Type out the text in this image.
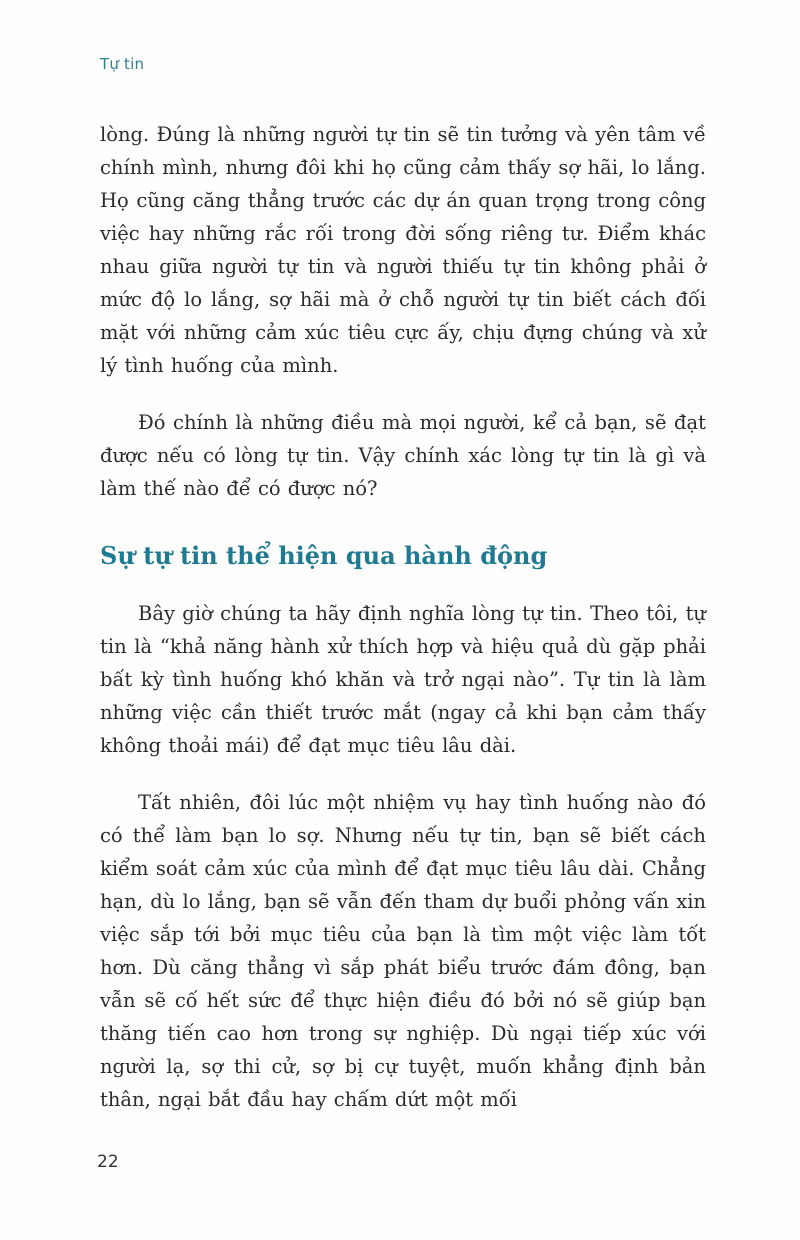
Tự tin

lòng. Đúng là những người tự tin sẽ tin tưởng và yên tâm về chính mình, nhưng đôi khi họ cũng cảm thấy sợ hãi, lo lắng. Họ cũng căng thẳng trước các dự án quan trọng trong công việc hay những rắc rối trong đời sống riêng tư. Điểm khác nhau giữa người tự tin và người thiếu tự tin không phải ở mức độ lo lắng, sợ hãi mà ở chỗ người tự tin biết cách đối mặt với những cảm xúc tiêu cực ấy, chịu đựng chúng và xử lý tình huống của mình.

Đó chính là những điều mà mọi người, kể cả bạn, sẽ đạt được nếu có lòng tự tin. Vậy chính xác lòng tự tin là gì và làm thế nào để có được nó?

Sự tự tin thể hiện qua hành động

Bây giờ chúng ta hãy định nghĩa lòng tự tin. Theo tôi, tự tin là “khả năng hành xử thích hợp và hiệu quả dù gặp phải bất kỳ tình huống khó khăn và trở ngại nào”. Tự tin là làm những việc cần thiết trước mắt (ngay cả khi bạn cảm thấy không thoải mái) để đạt mục tiêu lâu dài.

Tất nhiên, đôi lúc một nhiệm vụ hay tình huống nào đó có thể làm bạn lo sợ. Nhưng nếu tự tin, bạn sẽ biết cách kiểm soát cảm xúc của mình để đạt mục tiêu lâu dài. Chẳng hạn, dù lo lắng, bạn sẽ vẫn đến tham dự buổi phỏng vấn xin việc sắp tới bởi mục tiêu của bạn là tìm một việc làm tốt hơn. Dù căng thẳng vì sắp phát biểu trước đám đông, bạn vẫn sẽ cố hết sức để thực hiện điều đó bởi nó sẽ giúp bạn thăng tiến cao hơn trong sự nghiệp. Dù ngại tiếp xúc với người lạ, sợ thi cử, sợ bị cự tuyệt, muốn khẳng định bản thân, ngại bắt đầu hay chấm dứt một mối

22
